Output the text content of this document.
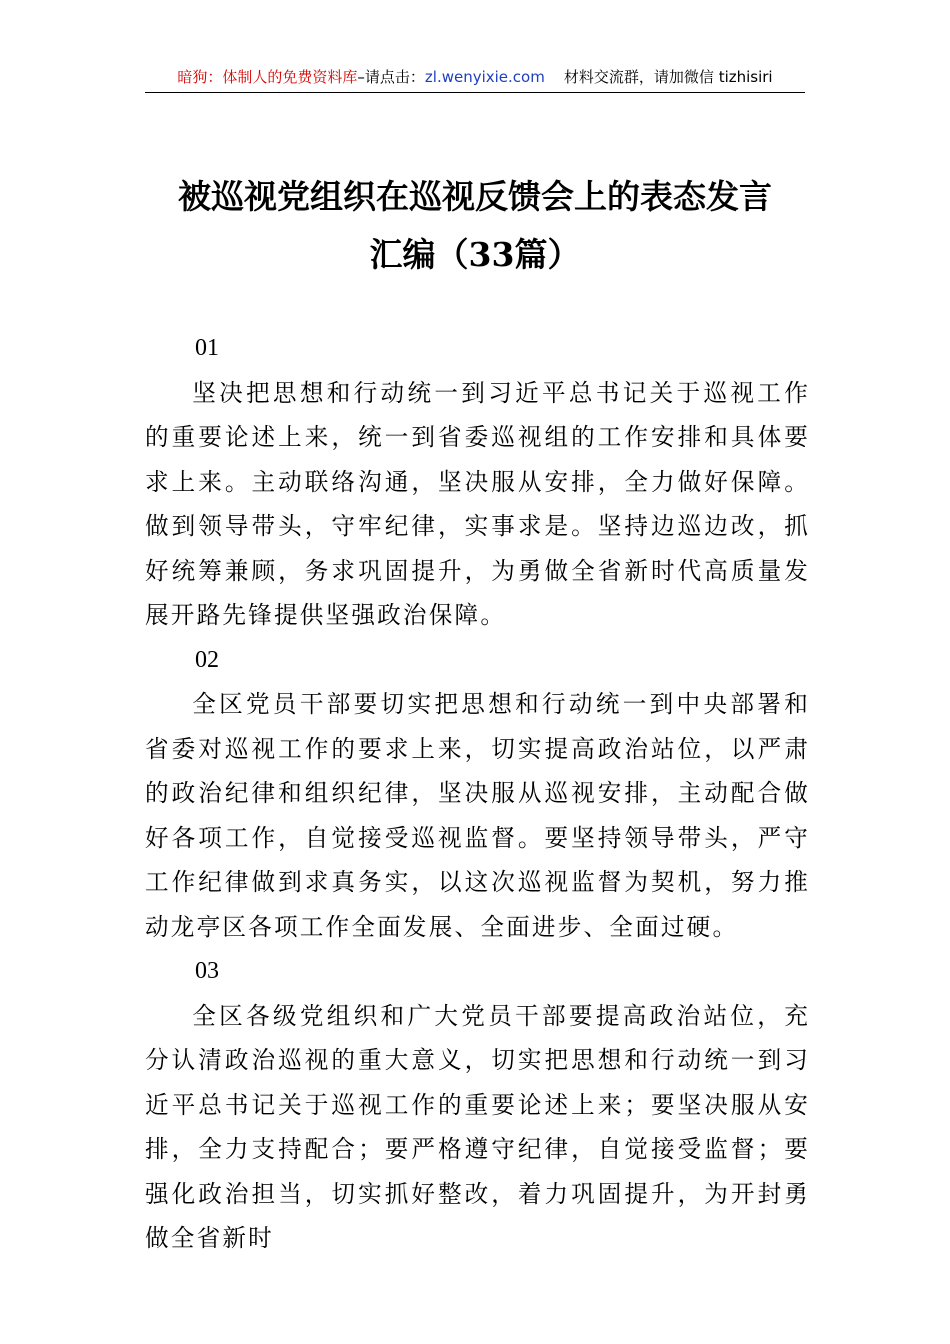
暗狗：体制人的免费资料库–请点击：zl.wenyixie.com 材料交流群，请加微信 tizhisiri
被巡视党组织在巡视反馈会上的表态发言
汇编（33篇）
01

坚决把思想和行动统一到习近平总书记关于巡视工作的重要论述上来，统一到省委巡视组的工作安排和具体要求上来。主动联络沟通，坚决服从安排，全力做好保障。做到领导带头，守牢纪律，实事求是。坚持边巡边改，抓好统筹兼顾，务求巩固提升，为勇做全省新时代高质量发展开路先锋提供坚强政治保障。

02

全区党员干部要切实把思想和行动统一到中央部署和省委对巡视工作的要求上来，切实提高政治站位，以严肃的政治纪律和组织纪律，坚决服从巡视安排，主动配合做好各项工作，自觉接受巡视监督。要坚持领导带头，严守工作纪律做到求真务实，以这次巡视监督为契机，努力推动龙亭区各项工作全面发展、全面进步、全面过硬。

03

全区各级党组织和广大党员干部要提高政治站位，充分认清政治巡视的重大意义，切实把思想和行动统一到习近平总书记关于巡视工作的重要论述上来；要坚决服从安排，全力支持配合；要严格遵守纪律，自觉接受监督；要强化政治担当，切实抓好整改，着力巩固提升，为开封勇做全省新时
